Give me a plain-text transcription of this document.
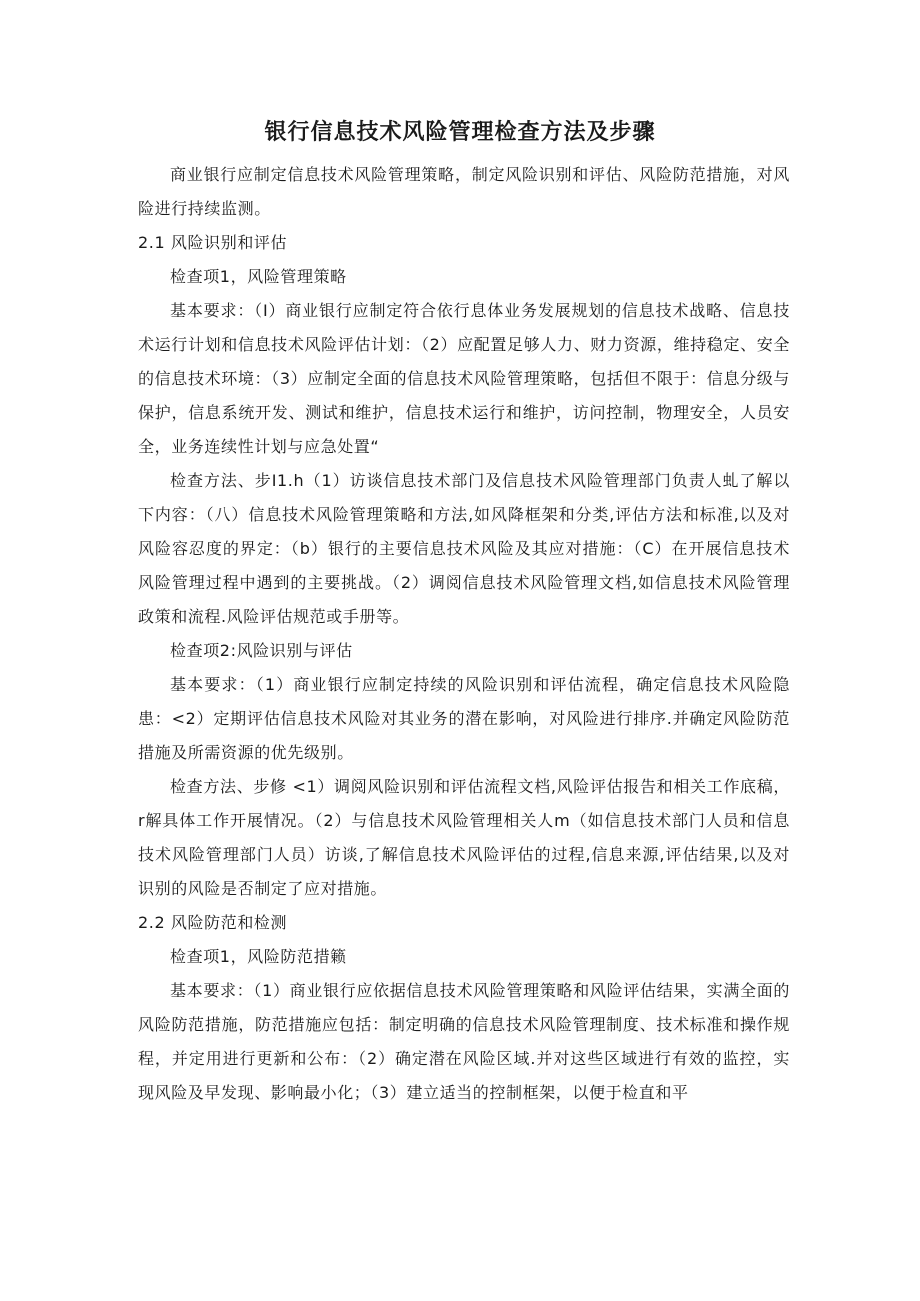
银行信息技术风险管理检查方法及步骤

商业银行应制定信息技术风险管理策略，制定风险识别和评估、风险防范措施，对风险进行持续监测。

2.1 风险识别和评估

检查项1，风险管理策略

基本要求：（I）商业银行应制定符合依行息体业务发展规划的信息技术战略、信息技术运行计划和信息技术风险评估计划：（2）应配置足够人力、财力资源，维持稳定、安全的信息技术环境：（3）应制定全面的信息技术风险管理策略，包括但不限于：信息分级与保护，信息系统开发、测试和维护，信息技术运行和维护，访问控制，物理安全，人员安全，业务连续性计划与应急处置“

检查方法、步I1.h（1）访谈信息技术部门及信息技术风险管理部门负责人虬了解以下内容：（八）信息技术风险管理策略和方法,如风降框架和分类,评估方法和标准,以及对风险容忍度的界定：（b）银行的主要信息技术风险及其应对措施：（C）在开展信息技术风险管理过程中遇到的主要挑战。（2）调阅信息技术风险管理文档,如信息技术风险管理政策和流程.风险评估规范或手册等。

检查项2:风险识别与评估

基本要求：（1）商业银行应制定持续的风险识别和评估流程，确定信息技术风险隐患：<2）定期评估信息技术风险对其业务的潜在影响，对风险进行排序.并确定风险防范措施及所需资源的优先级别。

检查方法、步修 <1）调阅风险识别和评估流程文档,风险评估报告和相关工作底稿，r解具体工作开展情况。（2）与信息技术风险管理相关人m（如信息技术部门人员和信息技术风险管理部门人员）访谈,了解信息技术风险评估的过程,信息来源,评估结果,以及对识别的风险是否制定了应对措施。

2.2 风险防范和检测

检查项1，风险防范措籁

基本要求：（1）商业银行应依据信息技术风险管理策略和风险评估结果，实满全面的风险防范措施，防范措施应包括：制定明确的信息技术风险管理制度、技术标准和操作规程，并定用进行更新和公布：（2）确定潜在风险区域.并对这些区域进行有效的监控，实现风险及早发现、影响最小化；（3）建立适当的控制框架，以便于检直和平
